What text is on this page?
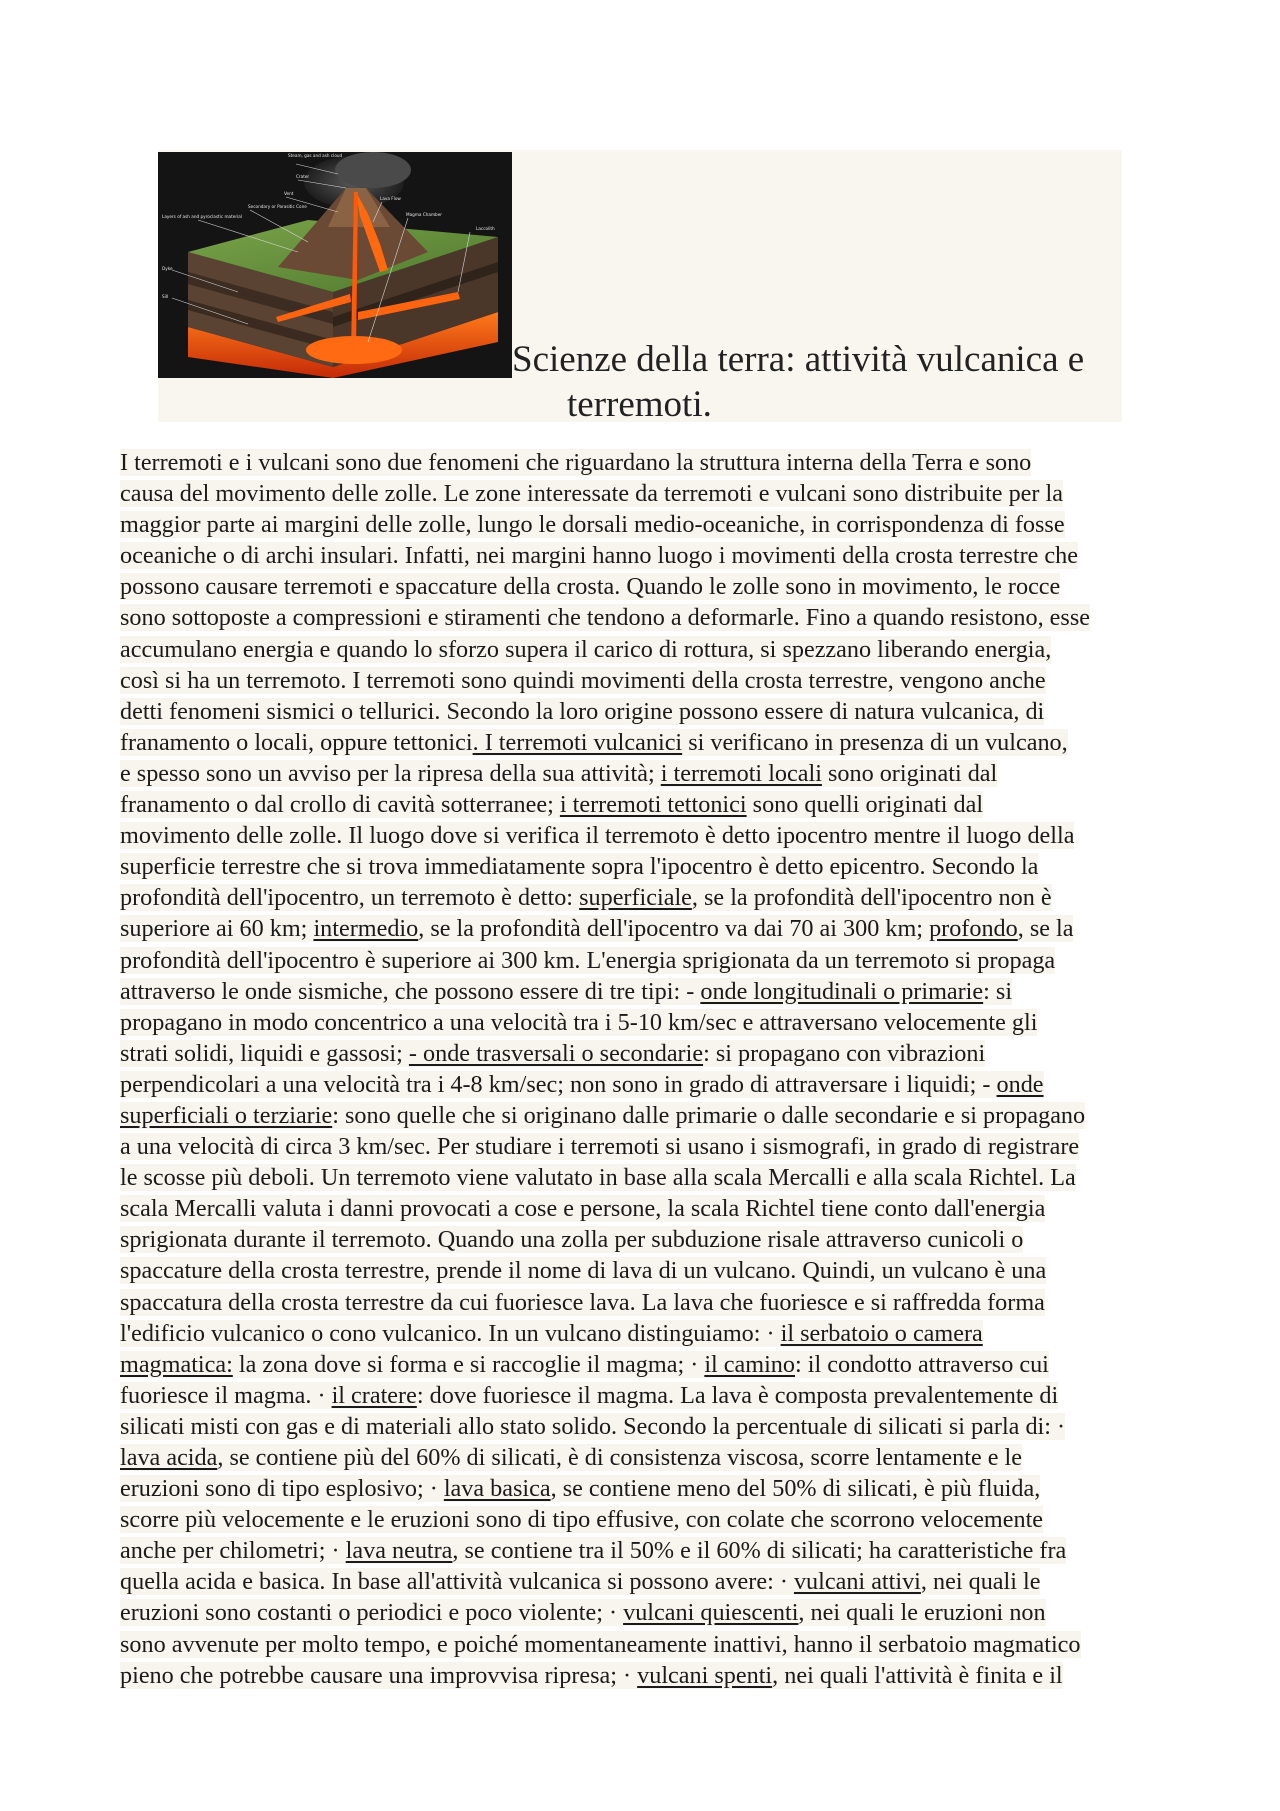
Steam, gas and ash cloud
Crater
Vent
Secondary or Parasitic Cone
Layers of ash and pyroclastic material
Lava Flow
Magma Chamber
Laccolith
Dyke
Sill
Scienze della terra: attività vulcanica e
terremoti.
I terremoti e i vulcani sono due fenomeni che riguardano la struttura interna della Terra e sono
causa del movimento delle zolle. Le zone interessate da terremoti e vulcani sono distribuite per la
maggior parte ai margini delle zolle, lungo le dorsali medio-oceaniche, in corrispondenza di fosse
oceaniche o di archi insulari. Infatti, nei margini hanno luogo i movimenti della crosta terrestre che
possono causare terremoti e spaccature della crosta. Quando le zolle sono in movimento, le rocce
sono sottoposte a compressioni e stiramenti che tendono a deformarle. Fino a quando resistono, esse
accumulano energia e quando lo sforzo supera il carico di rottura, si spezzano liberando energia,
così si ha un terremoto. I terremoti sono quindi movimenti della crosta terrestre, vengono anche
detti fenomeni sismici o tellurici. Secondo la loro origine possono essere di natura vulcanica, di
franamento o locali, oppure tettonici. I terremoti vulcanici si verificano in presenza di un vulcano,
e spesso sono un avviso per la ripresa della sua attività; i terremoti locali sono originati dal
franamento o dal crollo di cavità sotterranee; i terremoti tettonici sono quelli originati dal
movimento delle zolle. Il luogo dove si verifica il terremoto è detto ipocentro mentre il luogo della
superficie terrestre che si trova immediatamente sopra l'ipocentro è detto epicentro. Secondo la
profondità dell'ipocentro, un terremoto è detto: superficiale, se la profondità dell'ipocentro non è
superiore ai 60 km; intermedio, se la profondità dell'ipocentro va dai 70 ai 300 km; profondo, se la
profondità dell'ipocentro è superiore ai 300 km. L'energia sprigionata da un terremoto si propaga
attraverso le onde sismiche, che possono essere di tre tipi: - onde longitudinali o primarie: si
propagano in modo concentrico a una velocità tra i 5-10 km/sec e attraversano velocemente gli
strati solidi, liquidi e gassosi; - onde trasversali o secondarie: si propagano con vibrazioni
perpendicolari a una velocità tra i 4-8 km/sec; non sono in grado di attraversare i liquidi; - onde
superficiali o terziarie: sono quelle che si originano dalle primarie o dalle secondarie e si propagano
a una velocità di circa 3 km/sec. Per studiare i terremoti si usano i sismografi, in grado di registrare
le scosse più deboli. Un terremoto viene valutato in base alla scala Mercalli e alla scala Richtel. La
scala Mercalli valuta i danni provocati a cose e persone, la scala Richtel tiene conto dall'energia
sprigionata durante il terremoto. Quando una zolla per subduzione risale attraverso cunicoli o
spaccature della crosta terrestre, prende il nome di lava di un vulcano. Quindi, un vulcano è una
spaccatura della crosta terrestre da cui fuoriesce lava. La lava che fuoriesce e si raffredda forma
l'edificio vulcanico o cono vulcanico. In un vulcano distinguiamo: · il serbatoio o camera
magmatica: la zona dove si forma e si raccoglie il magma; · il camino: il condotto attraverso cui
fuoriesce il magma. · il cratere: dove fuoriesce il magma. La lava è composta prevalentemente di
silicati misti con gas e di materiali allo stato solido. Secondo la percentuale di silicati si parla di: ·
lava acida, se contiene più del 60% di silicati, è di consistenza viscosa, scorre lentamente e le
eruzioni sono di tipo esplosivo; · lava basica, se contiene meno del 50% di silicati, è più fluida,
scorre più velocemente e le eruzioni sono di tipo effusive, con colate che scorrono velocemente
anche per chilometri; · lava neutra, se contiene tra il 50% e il 60% di silicati; ha caratteristiche fra
quella acida e basica. In base all'attività vulcanica si possono avere: · vulcani attivi, nei quali le
eruzioni sono costanti o periodici e poco violente; · vulcani quiescenti, nei quali le eruzioni non
sono avvenute per molto tempo, e poiché momentaneamente inattivi, hanno il serbatoio magmatico
pieno che potrebbe causare una improvvisa ripresa; · vulcani spenti, nei quali l'attività è finita e il
